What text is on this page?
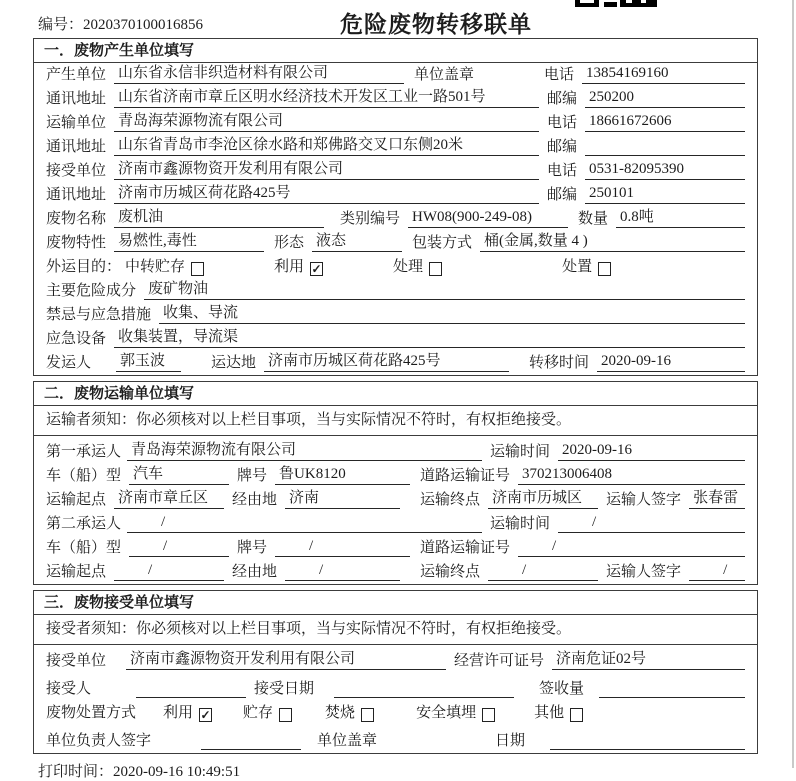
编号：2020370100016856	危险废物转移联单
一．废物产生单位填写
产生单位 山东省永信非织造材料有限公司	单位盖章	电话 13854169160
通讯地址 山东省济南市章丘区明水经济技术开发区工业一路501号	邮编 250200
运输单位 青岛海荣源物流有限公司	电话 18661672606
通讯地址 山东省青岛市李沧区徐水路和郑佛路交叉口东侧20米	邮编
接受单位 济南市鑫源物资开发利用有限公司	电话 0531-82095390
通讯地址 济南市历城区荷花路425号	邮编 250101
废物名称 废机油	类别编号 HW08(900-249-08)	数量 0.8吨
废物特性 易燃性,毒性	形态 液态	包装方式 桶(金属,数量 4 )
外运目的： 中转贮存	利用 ✓	处理	处置
主要危险成分 废矿物油
禁忌与应急措施 收集、导流
应急设备 收集装置，导流渠
发运人	郭玉波	运达地 济南市历城区荷花路425号	转移时间 2020-09-16
二．废物运输单位填写
运输者须知：你必须核对以上栏目事项，当与实际情况不符时，有权拒绝接受。
第一承运人 青岛海荣源物流有限公司	运输时间 2020-09-16
车（船）型 汽车	牌号 鲁UK8120	道路运输证号 370213006408
运输起点 济南市章丘区	经由地 济南	运输终点 济南市历城区	运输人签字 张春雷
第二承运人	/	运输时间	/
车（船）型	/	牌号	/	道路运输证号	/
运输起点	/	经由地	/	运输终点	/	运输人签字	/
三．废物接受单位填写
接受者须知：你必须核对以上栏目事项，当与实际情况不符时，有权拒绝接受。
接受单位 济南市鑫源物资开发利用有限公司	经营许可证号 济南危证02号
接受人	接受日期	签收量
废物处置方式 利用 ✓ 贮存	焚烧	安全填埋	其他
单位负责人签字	单位盖章	日期
打印时间：2020-09-16 10:49:51
